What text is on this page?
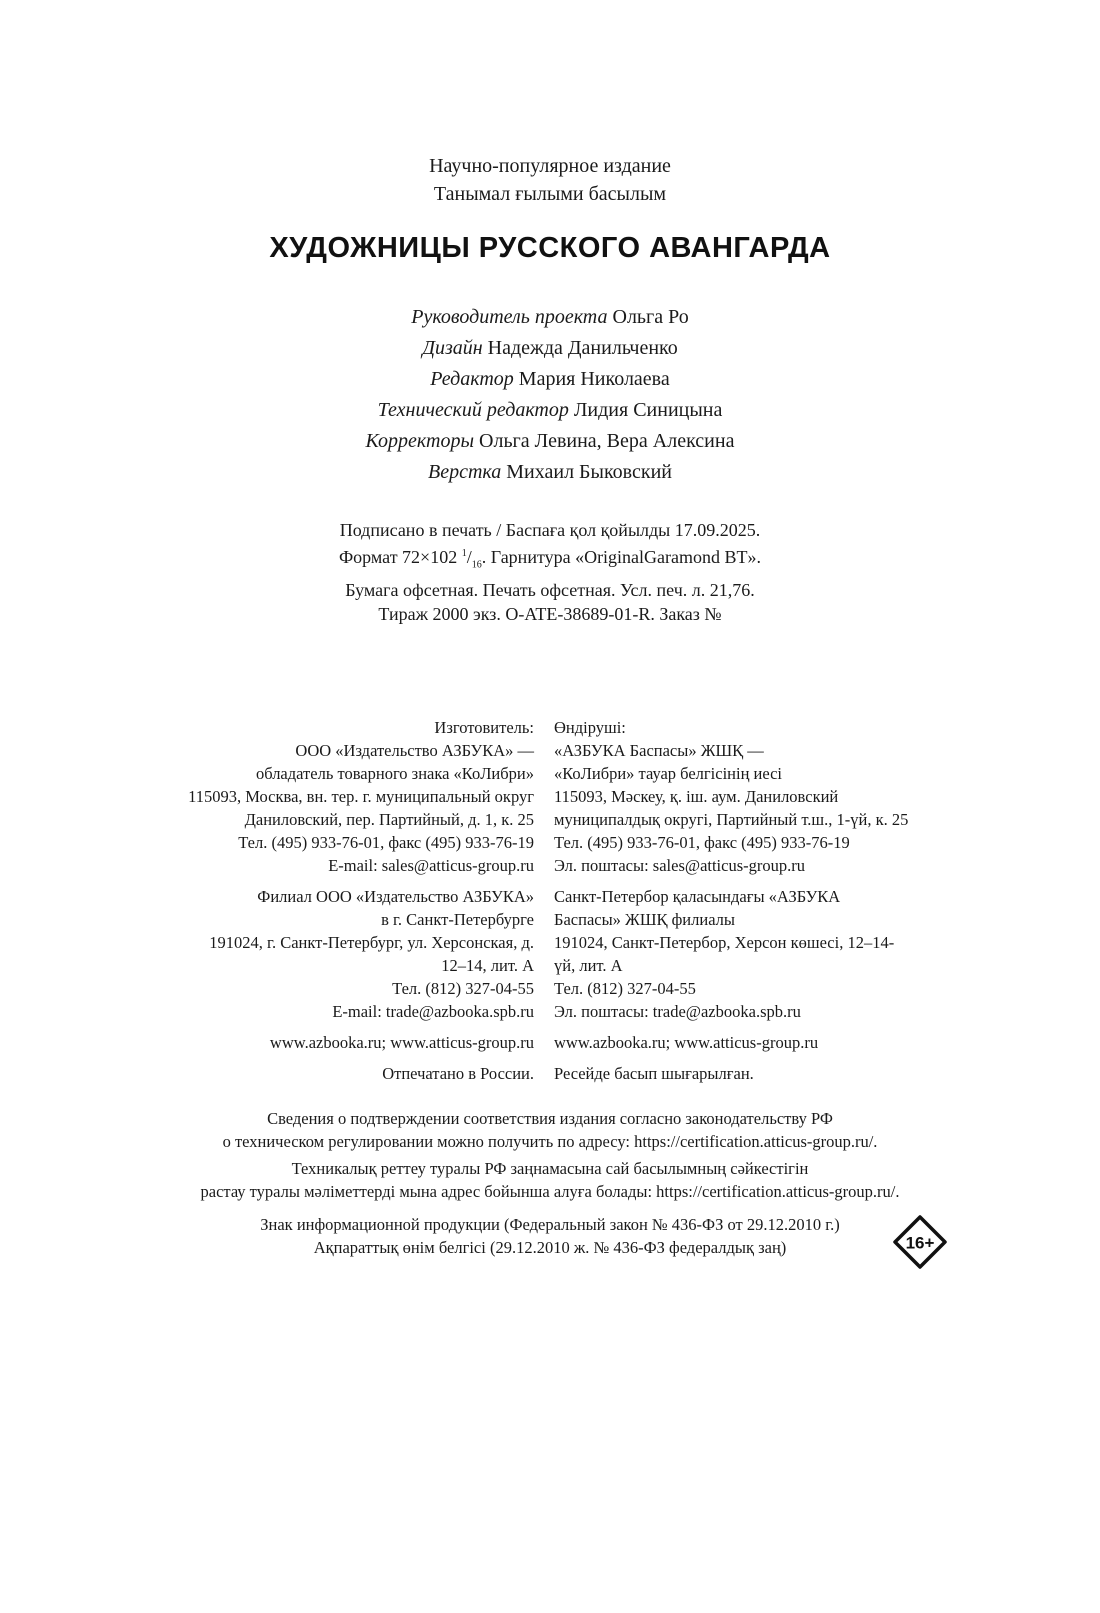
Научно-популярное издание
Танымал ғылыми басылым
ХУДОЖНИЦЫ РУССКОГО АВАНГАРДА
Руководитель проекта Ольга Ро
Дизайн Надежда Данильченко
Редактор Мария Николаева
Технический редактор Лидия Синицына
Корректоры Ольга Левина, Вера Алексина
Верстка Михаил Быковский
Подписано в печать / Баспаға қол қойылды 17.09.2025.
Формат 72×102 $^1/_{16}$. Гарнитура «OriginalGaramond BT».
Бумага офсетная. Печать офсетная. Усл. печ. л. 21,76.
Тираж 2000 экз. O-ATE-38689-01-R. Заказ №
Изготовитель:
ООО «Издательство АЗБУКА» —
обладатель товарного знака «КоЛибри»
115093, Москва, вн. тер. г. муниципальный округ
Даниловский, пер. Партийный, д. 1, к. 25
Тел. (495) 933-76-01, факс (495) 933-76-19
E-mail: sales@atticus-group.ru
Өндіруші:
«АЗБУКА Баспасы» ЖШҚ —
«КоЛибри» тауар белгісінің иесі
115093, Мәскеу, қ. іш. аум. Даниловский
муниципалдық округі, Партийный т.ш., 1-үй, к. 25
Тел. (495) 933-76-01, факс (495) 933-76-19
Эл. поштасы: sales@atticus-group.ru
Филиал ООО «Издательство АЗБУКА»
в г. Санкт-Петербурге
191024, г. Санкт-Петербург, ул. Херсонская, д.
12–14, лит. А
Тел. (812) 327-04-55
E-mail: trade@azbooka.spb.ru
Санкт-Петербор қаласындағы «АЗБУКА
Баспасы» ЖШҚ филиалы
191024, Санкт-Петербор, Херсон көшесі, 12–14-
үй, лит. А
Тел. (812) 327-04-55
Эл. поштасы: trade@azbooka.spb.ru
www.azbooka.ru; www.atticus-group.ru www.azbooka.ru; www.atticus-group.ru
Отпечатано в России. Ресейде басып шығарылған.
Сведения о подтверждении соответствия издания согласно законодательству РФ
о техническом регулировании можно получить по адресу: https://certification.atticus-group.ru/.
Техникалық реттеу туралы РФ заңнамасына сай басылымның сәйкестігін
растау туралы мәліметтерді мына адрес бойынша алуға болады: https://certification.atticus-group.ru/.
Знак информационной продукции (Федеральный закон № 436-ФЗ от 29.12.2010 г.)
Ақпараттық өнім белгісі (29.12.2010 ж. № 436-ФЗ федералдық заң)	16+
